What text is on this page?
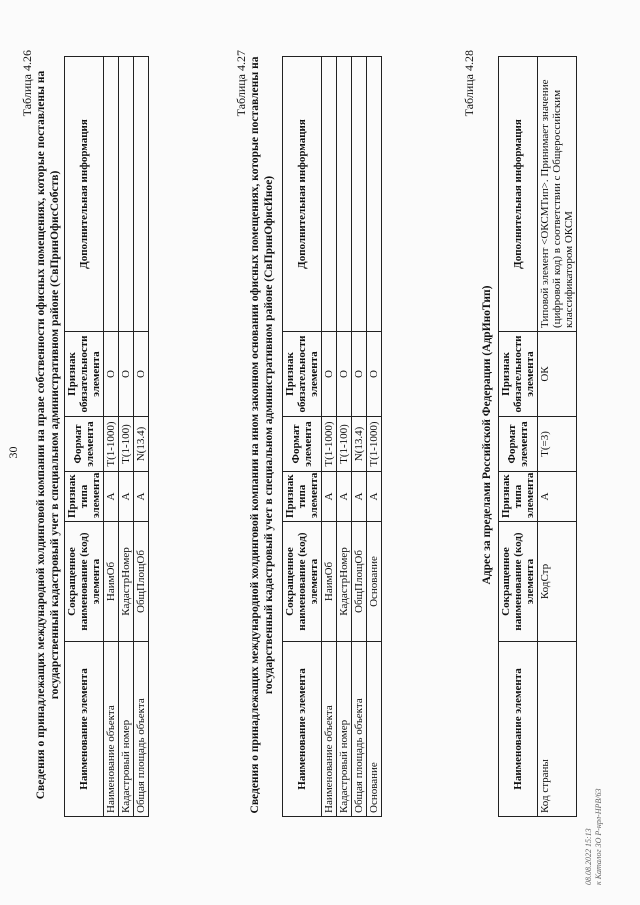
30
Таблица 4.26 Сведения о принадлежащих международной холдинговой компании на праве собственности офисных помещениях, которые поставлены на государственный кадастровый учет в специальном административном районе (СвПринОфисСобств)
Наименование элемента	Сокращенное наименование (код) элемента	Признак типа элемента	Формат элемента	Признак обязательности элемента	Дополнительная информация
Наименование объекта	НаимОб	А	T(1-1000)	О	
Кадастровый номер	КадастрНомер	А	T(1-100)	О	
Общая площадь объекта	ОбщПлощОб	А	N(13.4)	О	
Таблица 4.27 Сведения о принадлежащих международной холдинговой компании на ином законном основании офисных помещениях, которые поставлены на государственный кадастровый учет в специальном административном районе (СвПринОфисИное)
Наименование элемента	Сокращенное наименование (код) элемента	Признак типа элемента	Формат элемента	Признак обязательности элемента	Дополнительная информация
Наименование объекта	НаимОб	А	T(1-1000)	О	
Кадастровый номер	КадастрНомер	А	T(1-100)	О	
Общая площадь объекта	ОбщПлощОб	А	N(13.4)	О	
Основание	Основание	А	T(1-1000)	О	
Таблица 4.28
Адрес за пределами Российской Федерации (АдрИноТип)
Наименование элемента	Сокращенное наименование (код) элемента	Признак типа элемента	Формат элемента	Признак обязательности элемента	Дополнительная информация
Код страны	КодСтр	А	T(=3)	ОК	Типовой элемент <ОКСМТип>. Принимает значение (цифровой код) в соответствии с Общероссийским классификатором ОКСМ
08.08.2022 15:13 к Каталог ЗО Р-нрл-НРВ/63
